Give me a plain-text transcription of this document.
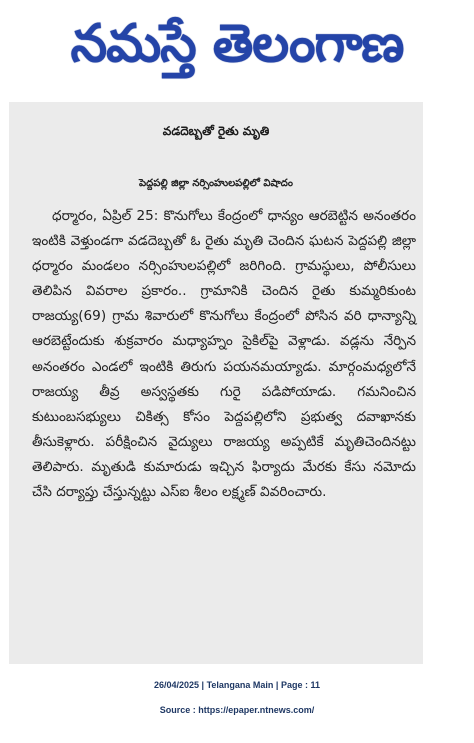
నమస్తే తెలంగాణ
వడదెబ్బతో రైతు మృతి
పెద్దపల్లి జిల్లా నర్సింహులపల్లిలో విషాదం

ధర్మారం, ఏప్రిల్ 25: కొనుగోలు కేంద్రంలో ధాన్యం ఆరబెట్టిన అనంతరం ఇంటికి వెళ్తుండగా వడదెబ్బతో ఓ రైతు మృతి చెందిన ఘటన పెద్దపల్లి జిల్లా ధర్మారం మండలం నర్సింహులపల్లిలో జరిగింది. గ్రామస్థులు, పోలీసులు తెలిపిన వివరాల ప్రకారం.. గ్రామానికి చెందిన రైతు కుమ్మరికుంట రాజయ్య(69) గ్రామ శివారులో కొనుగోలు కేంద్రంలో పోసిన వరి ధాన్యాన్ని ఆరబెట్టేందుకు శుక్రవారం మధ్యాహ్నం సైకిల్‌పై వెళ్లాడు. వడ్లను నేర్పిన అనంతరం ఎండలో ఇంటికి తిరుగు పయనమయ్యాడు. మార్గంమధ్యలోనే రాజయ్య తీవ్ర అస్వస్థతకు గురై పడిపోయాడు. గమనించిన కుటుంబసభ్యులు చికిత్స కోసం పెద్దపల్లిలోని ప్రభుత్వ దవాఖానకు తీసుకెళ్లారు. పరీక్షించిన వైద్యులు రాజయ్య అప్పటికే మృతిచెందినట్టు తెలిపారు. మృతుడి కుమారుడు ఇచ్చిన ఫిర్యాదు మేరకు కేసు నమోదు చేసి దర్యాప్తు చేస్తున్నట్టు ఎస్ఐ శీలం లక్ష్మణ్ వివరించారు.

26/04/2025 | Telangana Main | Page : 11
Source : https://epaper.ntnews.com/
